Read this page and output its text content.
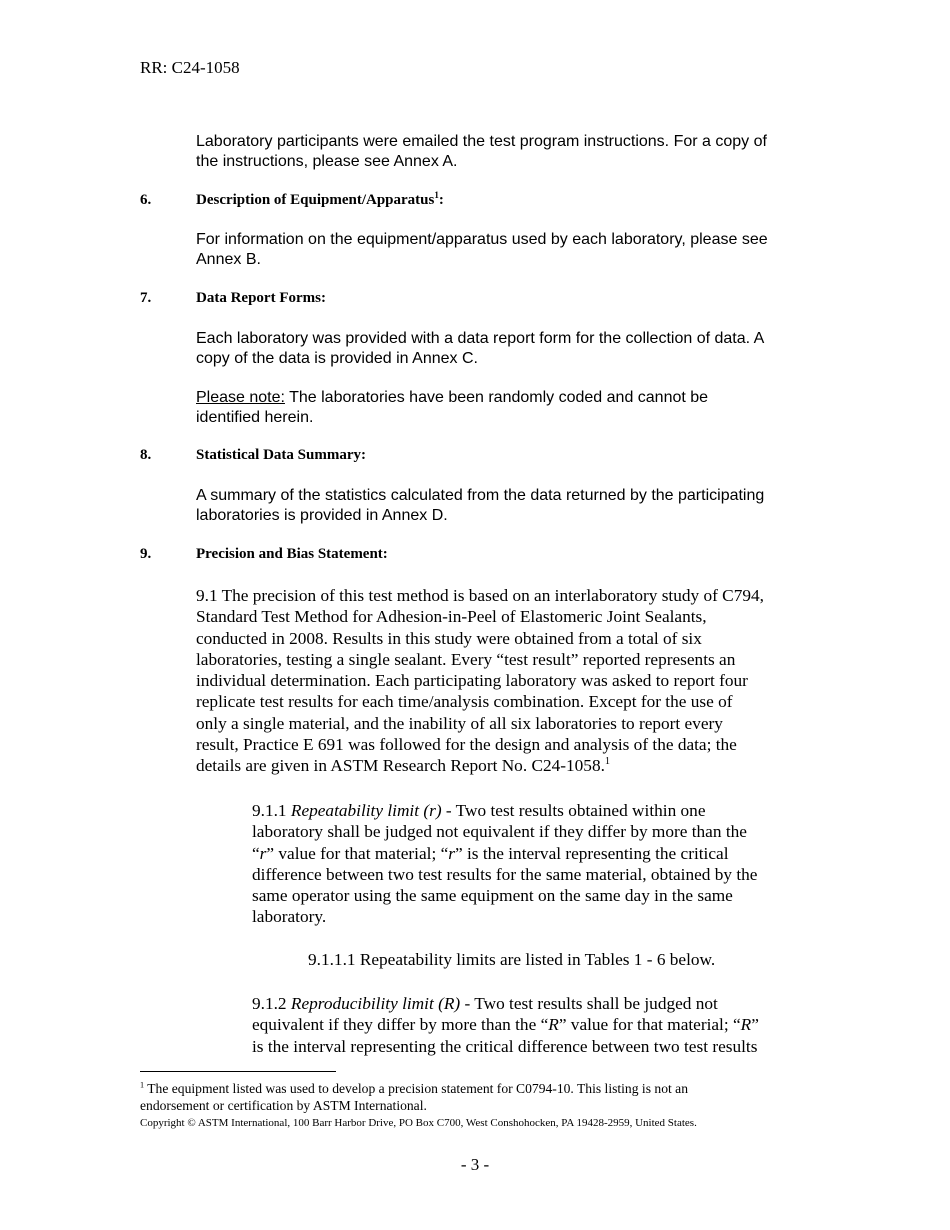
RR: C24-1058
Laboratory participants were emailed the test program instructions. For a copy of
the instructions, please see Annex A.
6.	Description of Equipment/Apparatus$^1$:
For information on the equipment/apparatus used by each laboratory, please see
Annex B.
7.	Data Report Forms:
Each laboratory was provided with a data report form for the collection of data. A
copy of the data is provided in Annex C.
Please note: The laboratories have been randomly coded and cannot be
identified herein.
8.	Statistical Data Summary:
A summary of the statistics calculated from the data returned by the participating
laboratories is provided in Annex D.
9.	Precision and Bias Statement:
9.1 The precision of this test method is based on an interlaboratory study of C794,
Standard Test Method for Adhesion-in-Peel of Elastomeric Joint Sealants,
conducted in 2008. Results in this study were obtained from a total of six
laboratories, testing a single sealant. Every “test result” reported represents an
individual determination. Each participating laboratory was asked to report four
replicate test results for each time/analysis combination. Except for the use of
only a single material, and the inability of all six laboratories to report every
result, Practice E 691 was followed for the design and analysis of the data; the
details are given in ASTM Research Report No. C24-1058.$^1$
9.1.1 Repeatability limit (r) - Two test results obtained within one
laboratory shall be judged not equivalent if they differ by more than the
“r” value for that material; “r” is the interval representing the critical
difference between two test results for the same material, obtained by the
same operator using the same equipment on the same day in the same
laboratory.
9.1.1.1 Repeatability limits are listed in Tables 1 - 6 below.
9.1.2 Reproducibility limit (R) - Two test results shall be judged not
equivalent if they differ by more than the “R” value for that material; “R”
is the interval representing the critical difference between two test results
$^1$ The equipment listed was used to develop a precision statement for C0794-10. This listing is not an
endorsement or certification by ASTM International.
Copyright © ASTM International, 100 Barr Harbor Drive, PO Box C700, West Conshohocken, PA 19428-2959, United States.
- 3 -
